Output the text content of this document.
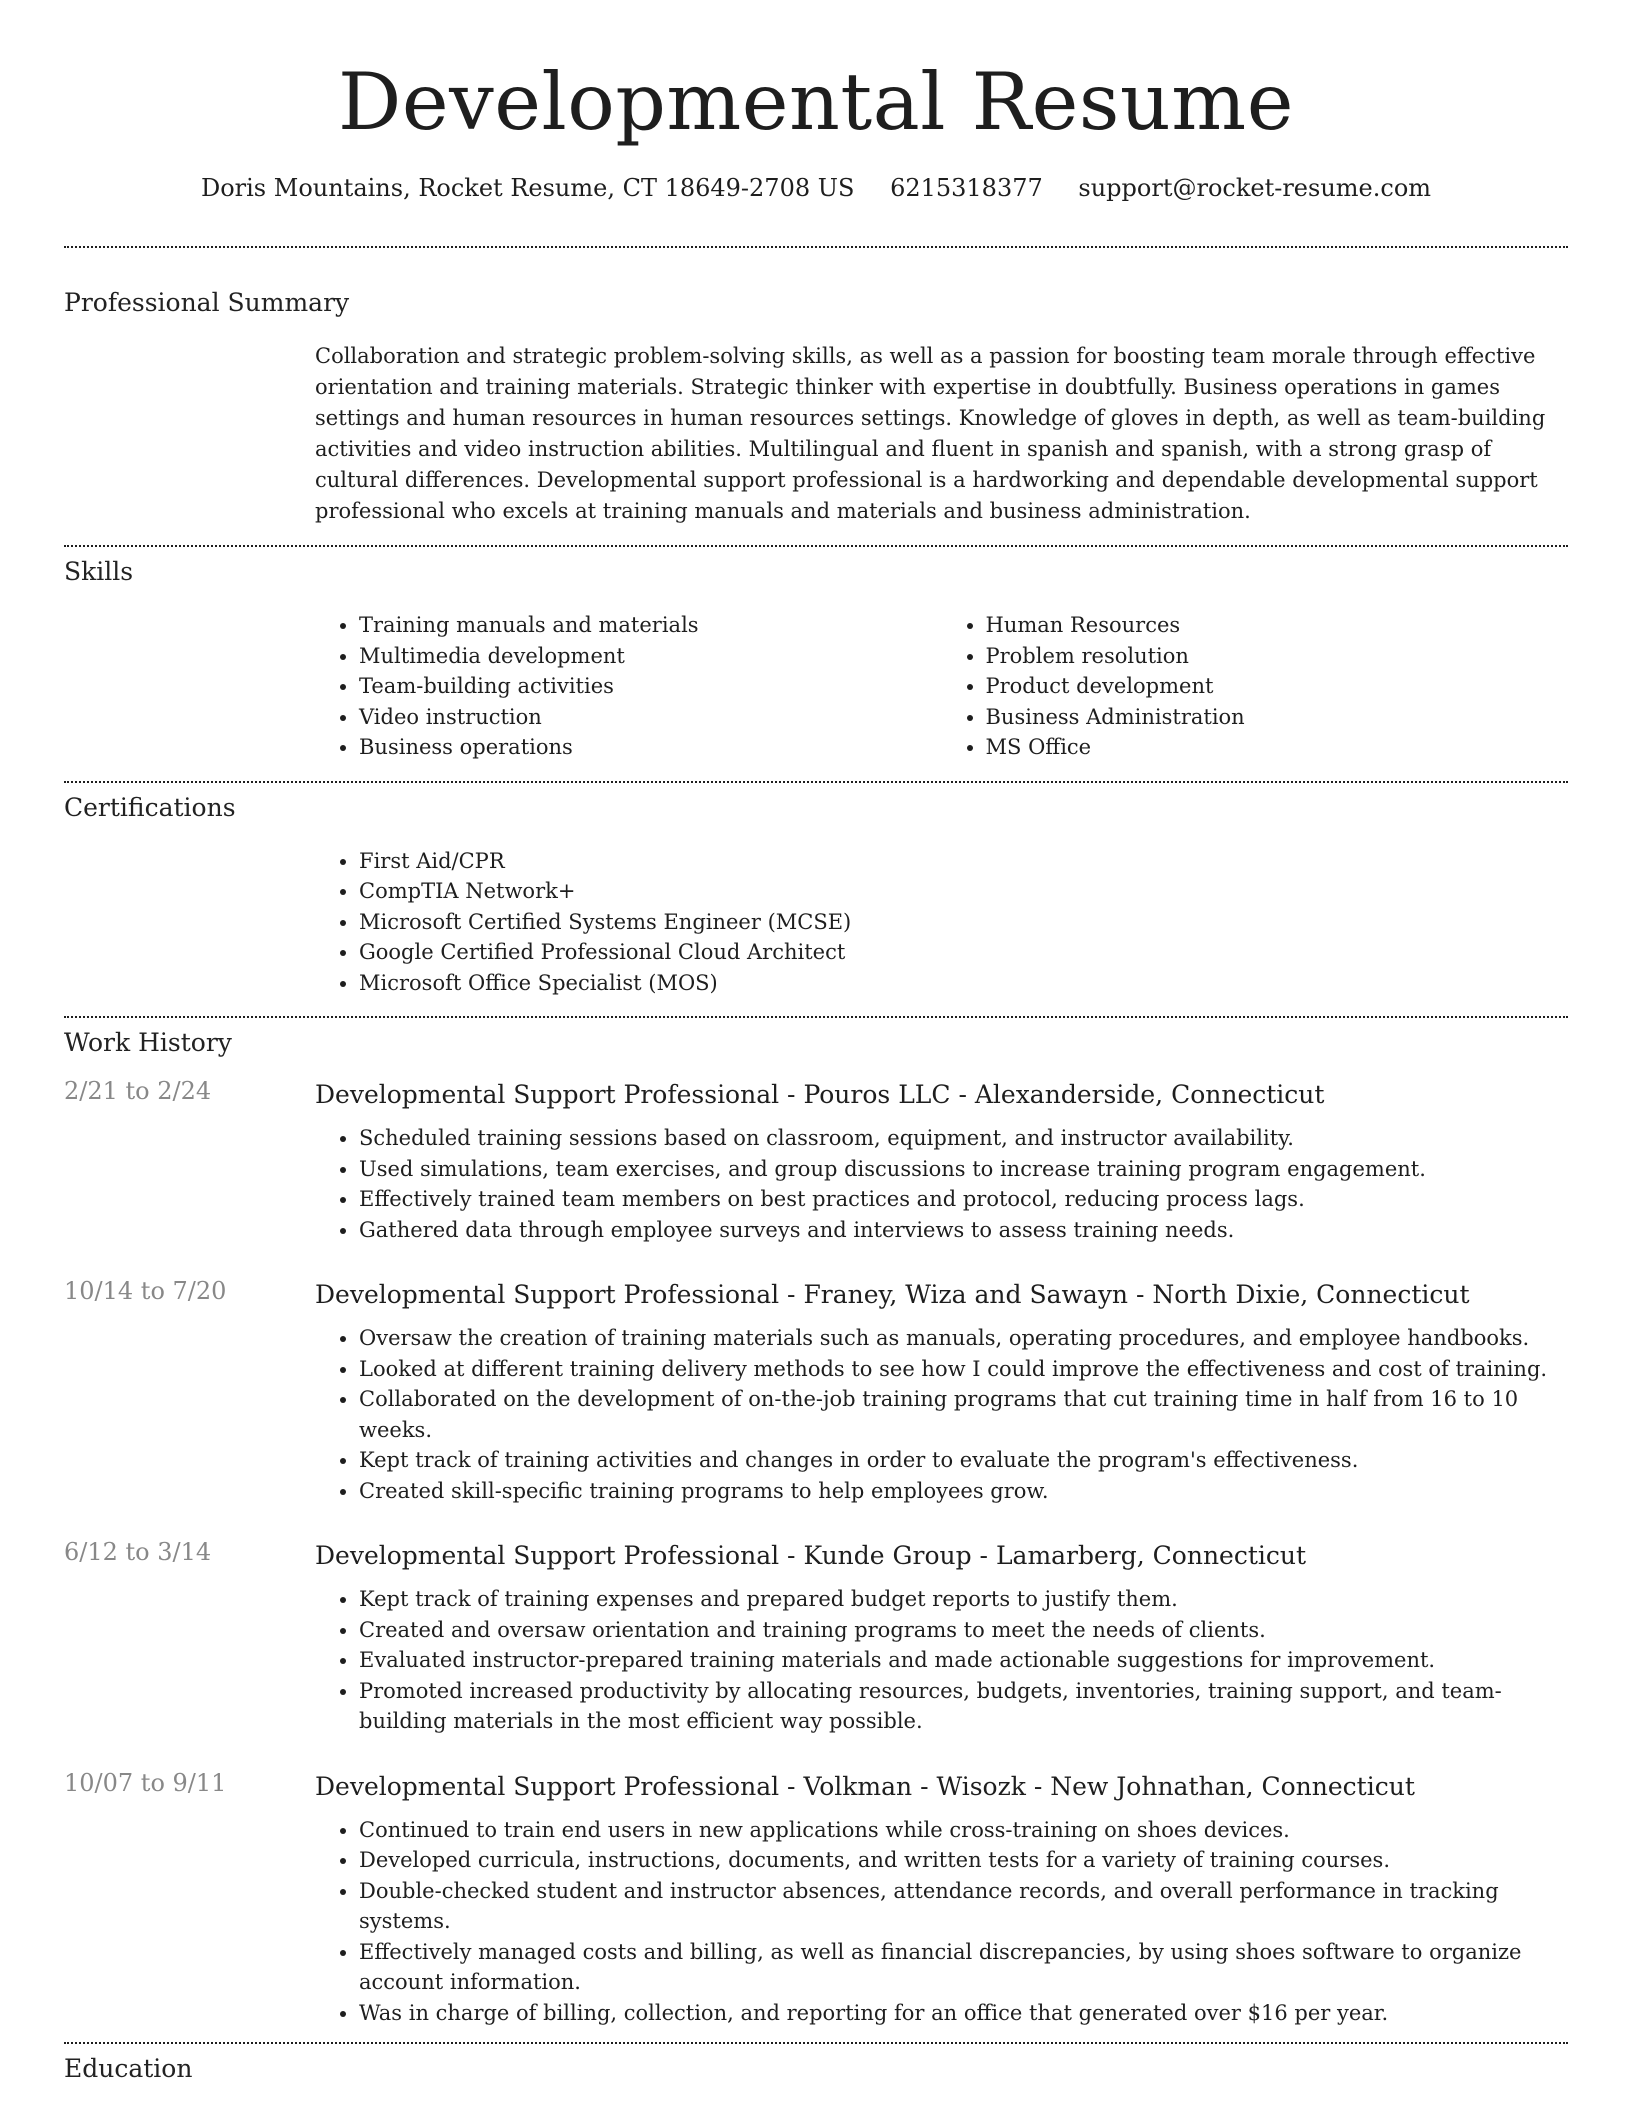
Developmental Resume
Doris Mountains, Rocket Resume, CT 18649-2708 US 6215318377 support@rocket-resume.com
Professional Summary
Collaboration and strategic problem-solving skills, as well as a passion for boosting team morale through effective orientation and training materials. Strategic thinker with expertise in doubtfully. Business operations in games settings and human resources in human resources settings. Knowledge of gloves in depth, as well as team-building activities and video instruction abilities. Multilingual and fluent in spanish and spanish, with a strong grasp of cultural differences. Developmental support professional is a hardworking and dependable developmental support professional who excels at training manuals and materials and business administration.
Skills
• Training manuals and materials
• Multimedia development
• Team-building activities
• Video instruction
• Business operations
• Human Resources
• Problem resolution
• Product development
• Business Administration
• MS Office
Certifications
• First Aid/CPR
• CompTIA Network+
• Microsoft Certified Systems Engineer (MCSE)
• Google Certified Professional Cloud Architect
• Microsoft Office Specialist (MOS)
Work History
2/21 to 2/24	Developmental Support Professional - Pouros LLC - Alexanderside, Connecticut
• Scheduled training sessions based on classroom, equipment, and instructor availability.
• Used simulations, team exercises, and group discussions to increase training program engagement.
• Effectively trained team members on best practices and protocol, reducing process lags.
• Gathered data through employee surveys and interviews to assess training needs.
10/14 to 7/20	Developmental Support Professional - Franey, Wiza and Sawayn - North Dixie, Connecticut
• Oversaw the creation of training materials such as manuals, operating procedures, and employee handbooks.
• Looked at different training delivery methods to see how I could improve the effectiveness and cost of training.
• Collaborated on the development of on-the-job training programs that cut training time in half from 16 to 10 weeks.
• Kept track of training activities and changes in order to evaluate the program's effectiveness.
• Created skill-specific training programs to help employees grow.
6/12 to 3/14	Developmental Support Professional - Kunde Group - Lamarberg, Connecticut
• Kept track of training expenses and prepared budget reports to justify them.
• Created and oversaw orientation and training programs to meet the needs of clients.
• Evaluated instructor-prepared training materials and made actionable suggestions for improvement.
• Promoted increased productivity by allocating resources, budgets, inventories, training support, and team-building materials in the most efficient way possible.
10/07 to 9/11	Developmental Support Professional - Volkman - Wisozk - New Johnathan, Connecticut
• Continued to train end users in new applications while cross-training on shoes devices.
• Developed curricula, instructions, documents, and written tests for a variety of training courses.
• Double-checked student and instructor absences, attendance records, and overall performance in tracking systems.
• Effectively managed costs and billing, as well as financial discrepancies, by using shoes software to organize account information.
• Was in charge of billing, collection, and reporting for an office that generated over $16 per year.
Education
